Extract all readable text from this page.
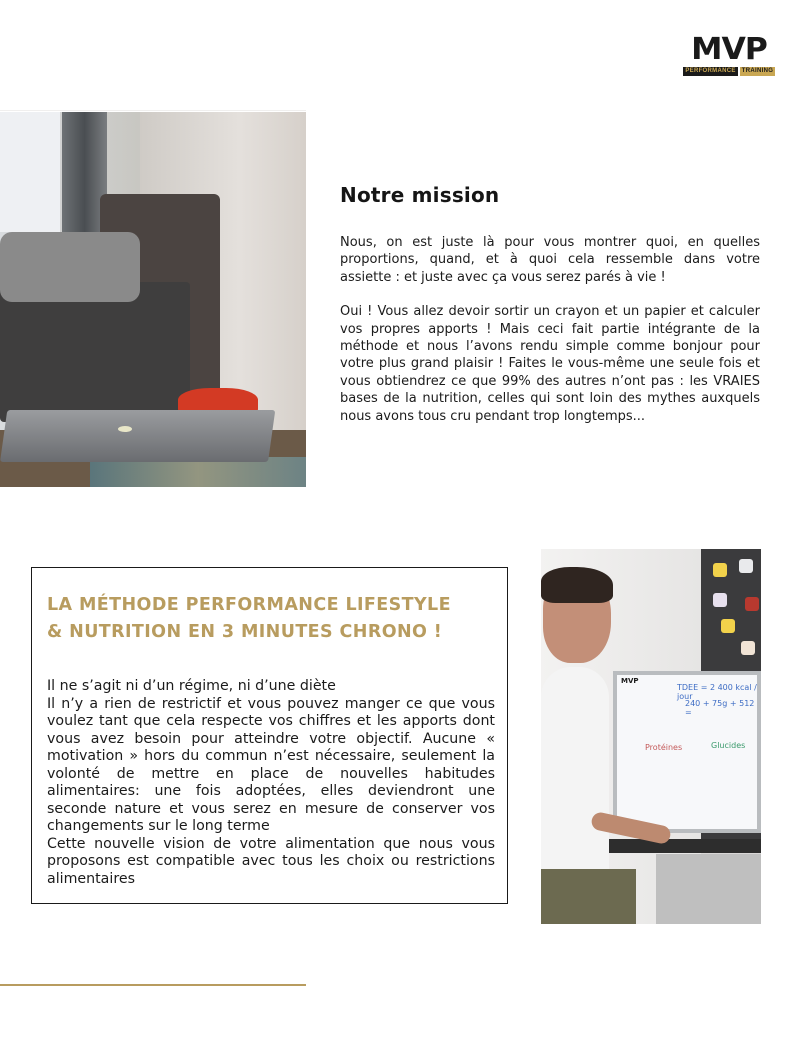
MVP
PERFORMANCE	TRAINING
Notre mission

Nous, on est juste là pour vous montrer quoi, en quelles proportions, quand, et à quoi cela ressemble dans votre assiette : et juste avec ça vous serez parés à vie !

Oui ! Vous allez devoir sortir un crayon et un papier et calculer vos propres apports ! Mais ceci fait partie intégrante de la méthode et nous l’avons rendu simple comme bonjour pour votre plus grand plaisir ! Faites le vous-même une seule fois et vous obtiendrez ce que 99% des autres n’ont pas : les VRAIES bases de la nutrition, celles qui sont loin des mythes auxquels nous avons tous cru pendant trop longtemps...

LA MÉTHODE PERFORMANCE LIFESTYLE
& NUTRITION EN 3 MINUTES CHRONO !

Il ne s’agit ni d’un régime, ni d’une diète

Il n’y a rien de restrictif et vous pouvez manger ce que vous voulez tant que cela respecte vos chiffres et les apports dont vous avez besoin pour atteindre votre objectif. Aucune « motivation » hors du commun n’est nécessaire, seulement la volonté de mettre en place de nouvelles habitudes alimentaires: une fois adoptées, elles deviendront une seconde nature et vous serez en mesure de conserver vos changements sur le long terme

Cette nouvelle vision de votre alimentation que nous vous proposons est compatible avec tous les choix ou restrictions alimentaires

MVP
TDEE = 2 400 kcal / jour
240 + 75g + 512 =
Protéines	Glucides
